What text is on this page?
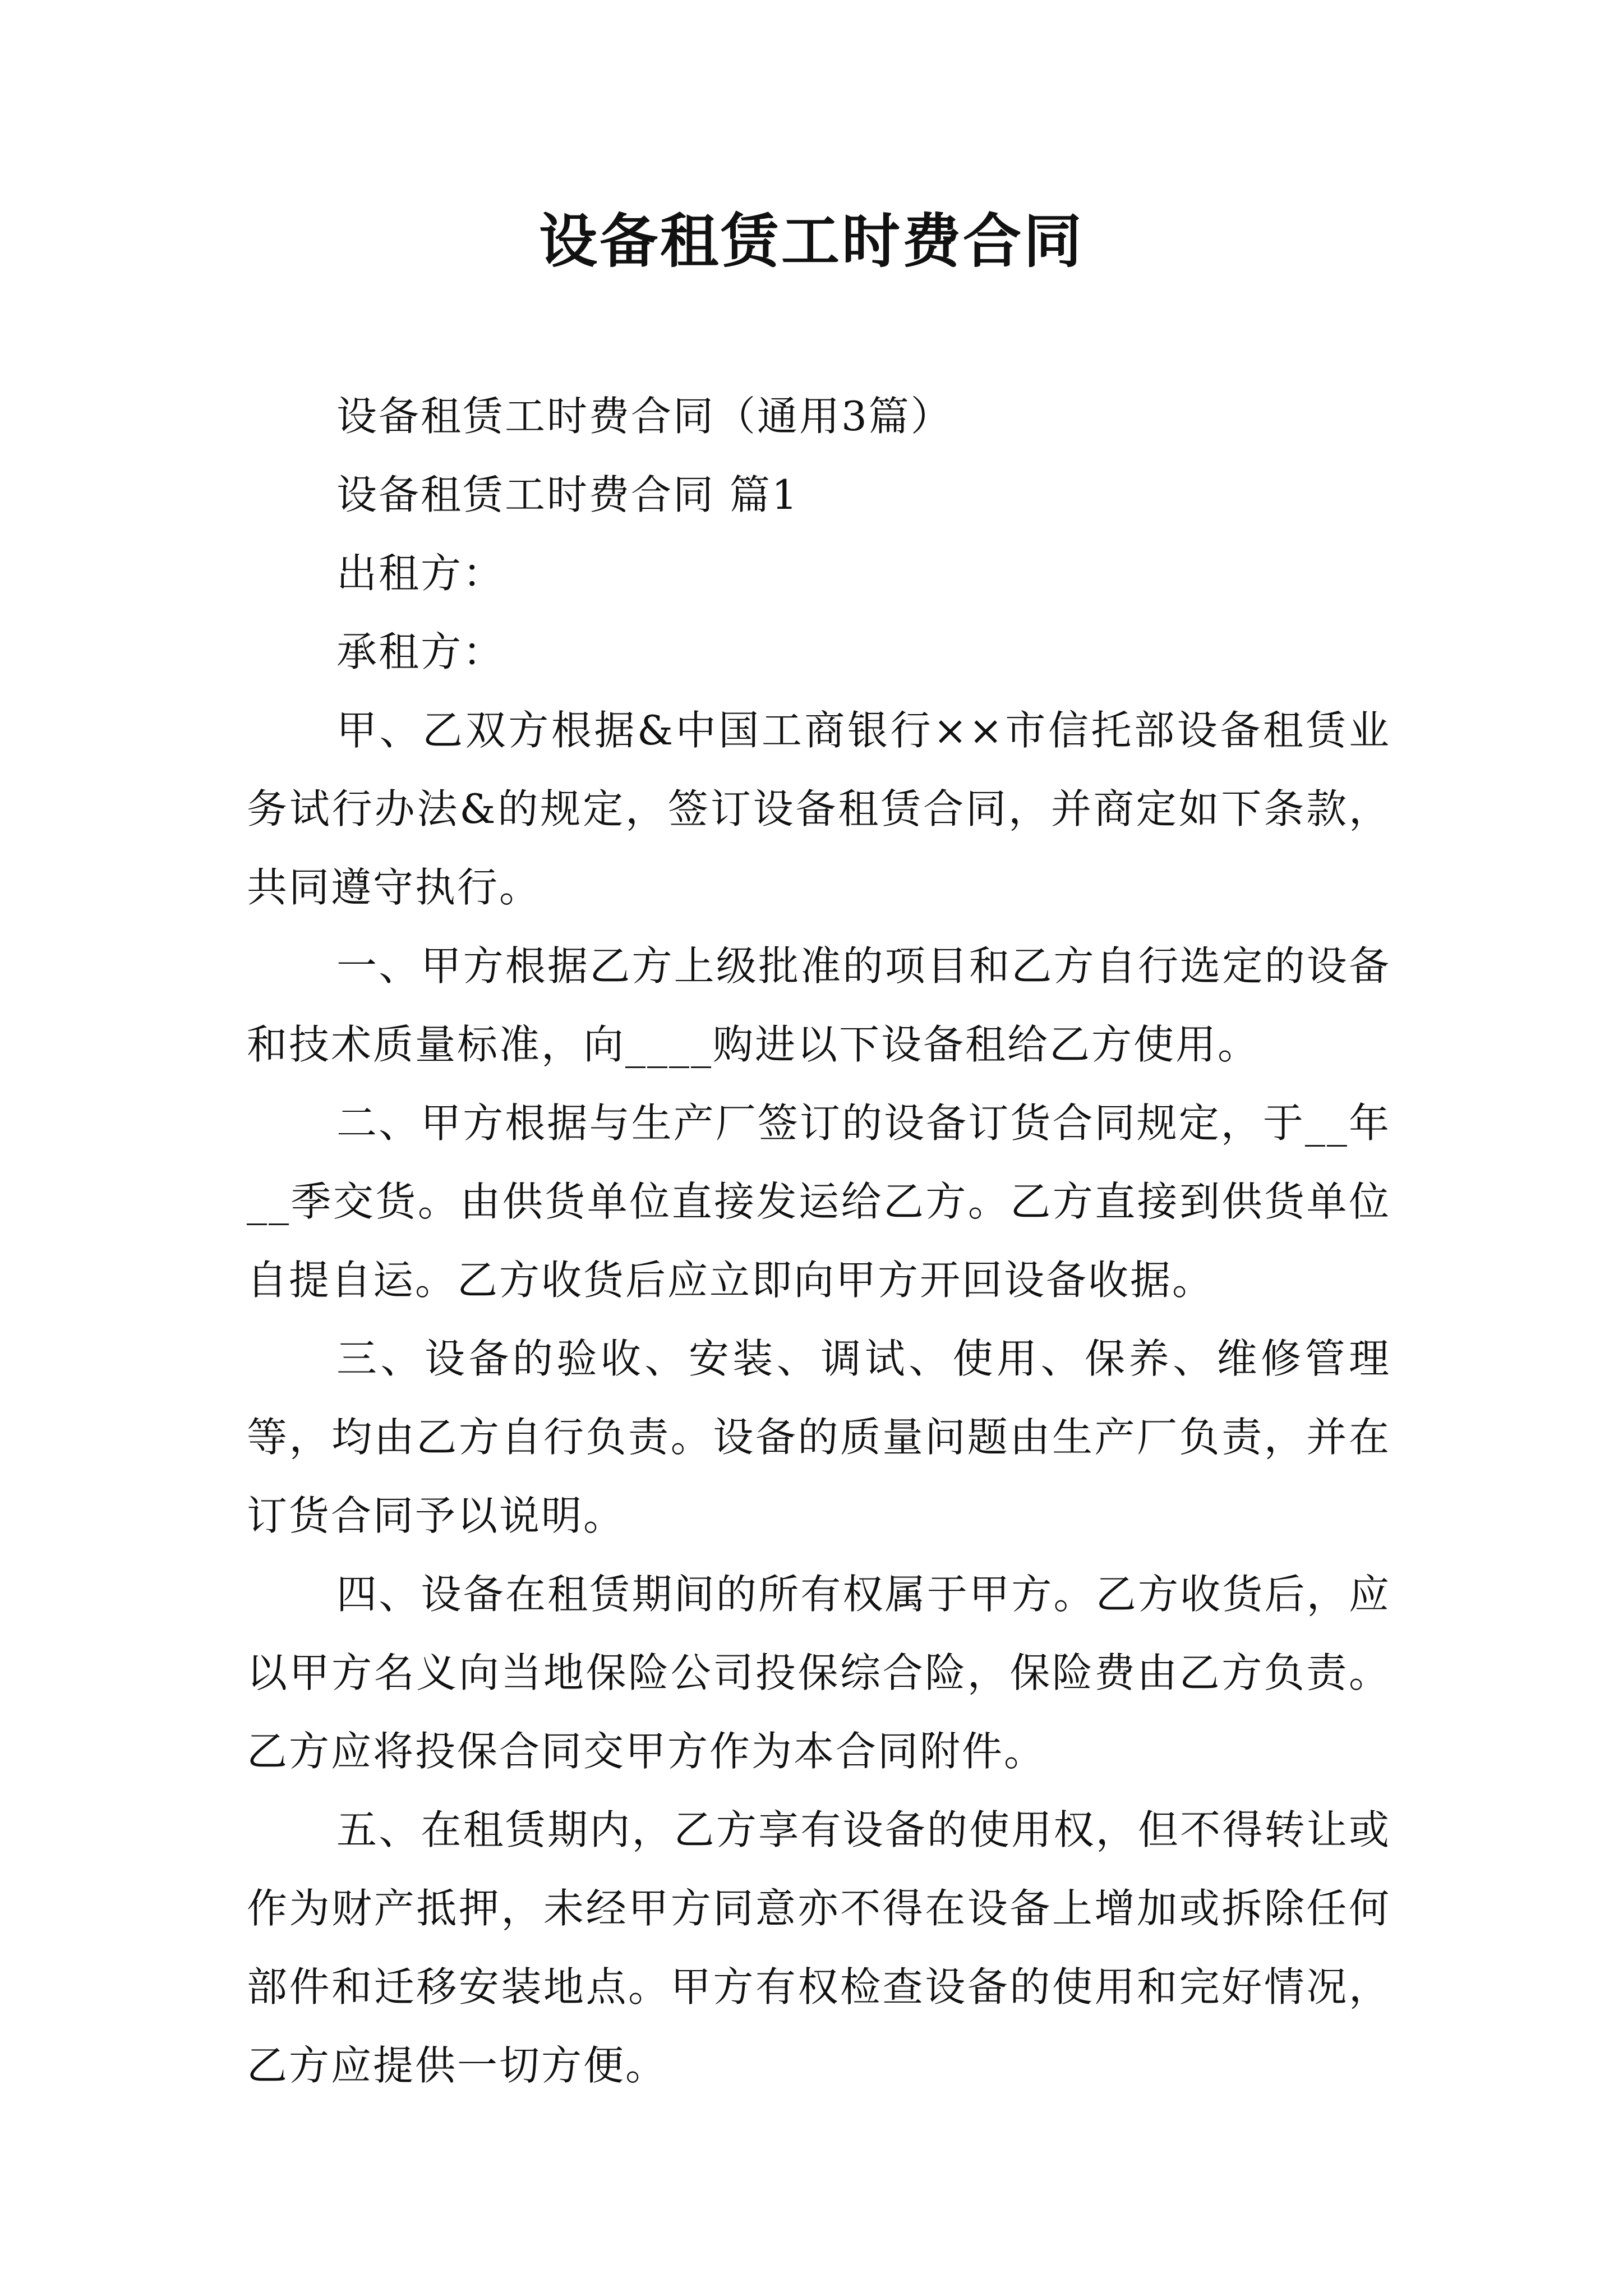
设备租赁工时费合同

设备租赁工时费合同（通用3篇）

设备租赁工时费合同 篇1

出租方：

承租方：

甲、乙双方根据&中国工商银行××市信托部设备租赁业务试行办法&的规定，签订设备租赁合同，并商定如下条款，共同遵守执行。

一、甲方根据乙方上级批准的项目和乙方自行选定的设备和技术质量标准，向____购进以下设备租给乙方使用。

二、甲方根据与生产厂签订的设备订货合同规定，于__年__季交货。由供货单位直接发运给乙方。乙方直接到供货单位自提自运。乙方收货后应立即向甲方开回设备收据。

三、设备的验收、安装、调试、使用、保养、维修管理等，均由乙方自行负责。设备的质量问题由生产厂负责，并在订货合同予以说明。

四、设备在租赁期间的所有权属于甲方。乙方收货后，应以甲方名义向当地保险公司投保综合险，保险费由乙方负责。乙方应将投保合同交甲方作为本合同附件。

五、在租赁期内，乙方享有设备的使用权，但不得转让或作为财产抵押，未经甲方同意亦不得在设备上增加或拆除任何部件和迁移安装地点。甲方有权检查设备的使用和完好情况，乙方应提供一切方便。
